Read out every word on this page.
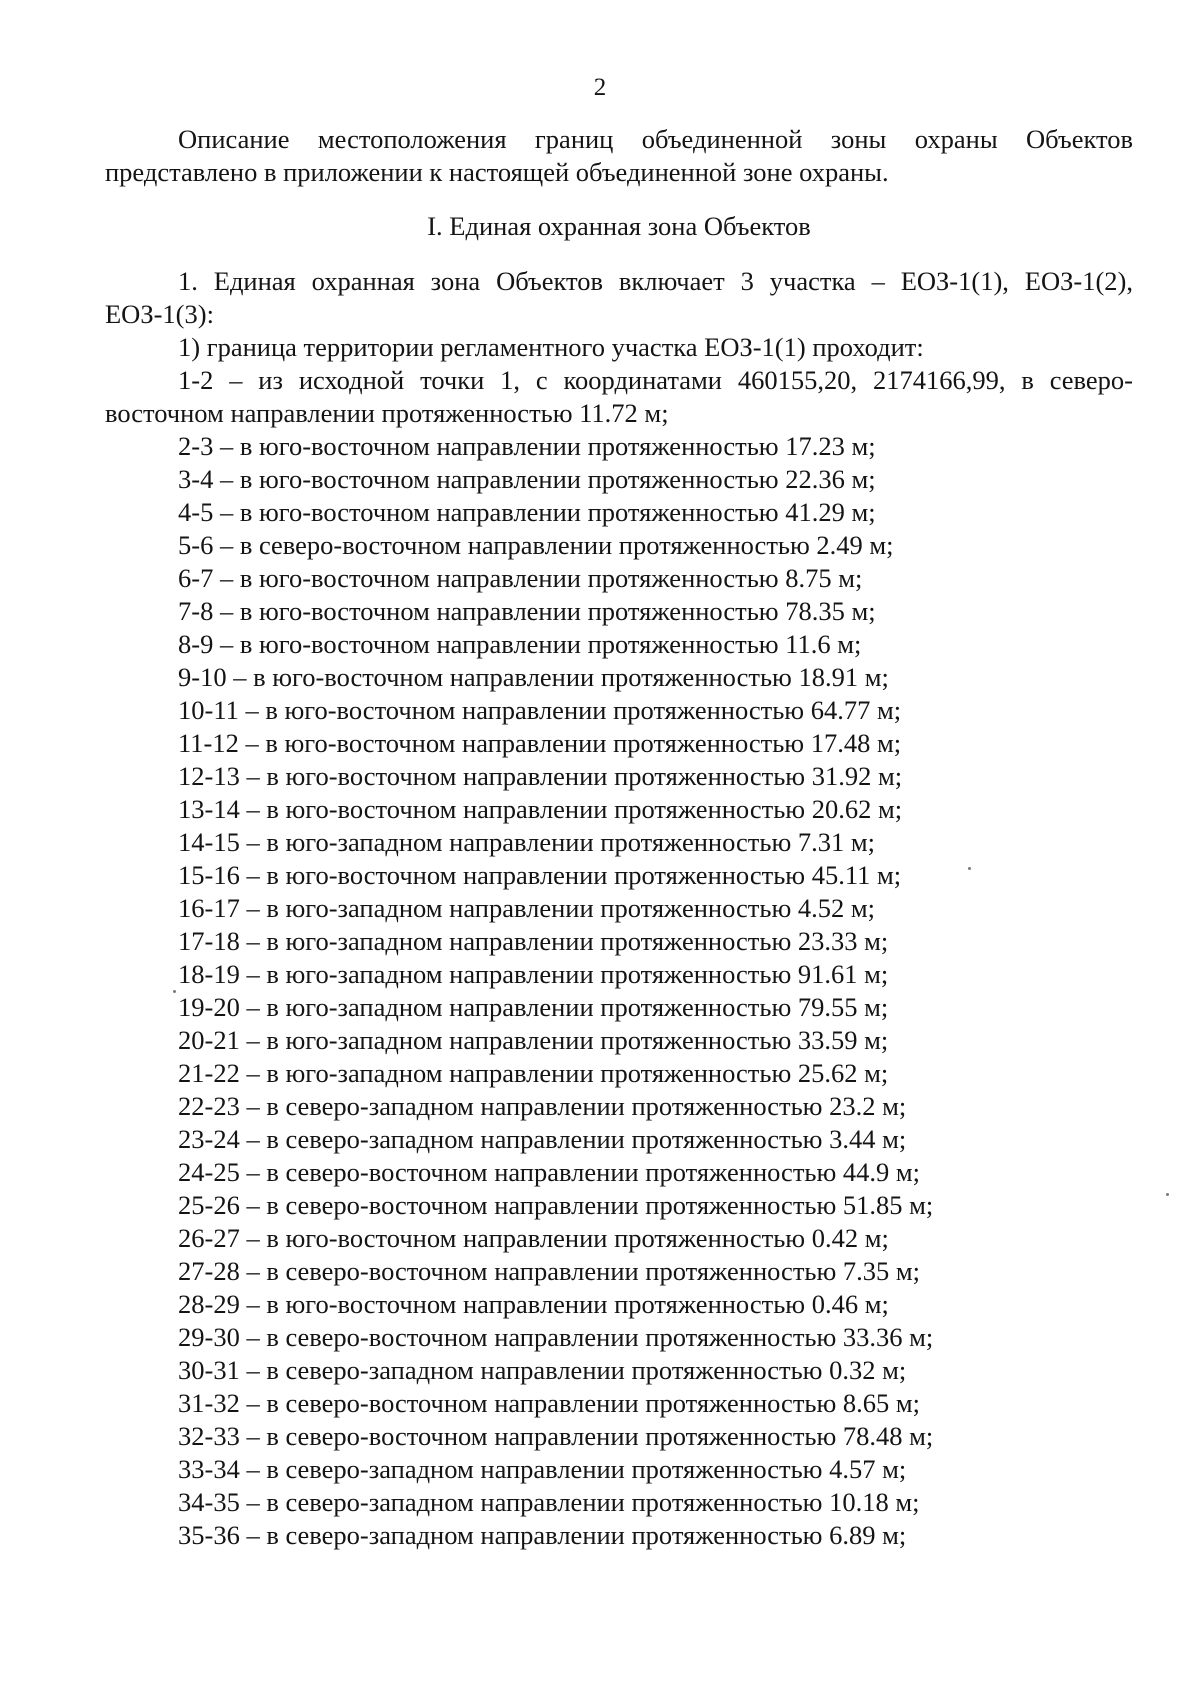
2

Описание местоположения границ объединенной зоны охраны Объектов представлено в приложении к настоящей объединенной зоне охраны.

I. Единая охранная зона Объектов

1. Единая охранная зона Объектов включает 3 участка – ЕОЗ-1(1), ЕОЗ-1(2), ЕОЗ-1(3):

1) граница территории регламентного участка ЕОЗ-1(1) проходит:

1-2 – из исходной точки 1, с координатами 460155,20, 2174166,99, в северо-восточном направлении протяженностью 11.72 м;

2-3 – в юго-восточном направлении протяженностью 17.23 м;

3-4 – в юго-восточном направлении протяженностью 22.36 м;

4-5 – в юго-восточном направлении протяженностью 41.29 м;

5-6 – в северо-восточном направлении протяженностью 2.49 м;

6-7 – в юго-восточном направлении протяженностью 8.75 м;

7-8 – в юго-восточном направлении протяженностью 78.35 м;

8-9 – в юго-восточном направлении протяженностью 11.6 м;

9-10 – в юго-восточном направлении протяженностью 18.91 м;

10-11 – в юго-восточном направлении протяженностью 64.77 м;

11-12 – в юго-восточном направлении протяженностью 17.48 м;

12-13 – в юго-восточном направлении протяженностью 31.92 м;

13-14 – в юго-восточном направлении протяженностью 20.62 м;

14-15 – в юго-западном направлении протяженностью 7.31 м;

15-16 – в юго-восточном направлении протяженностью 45.11 м;

16-17 – в юго-западном направлении протяженностью 4.52 м;

17-18 – в юго-западном направлении протяженностью 23.33 м;

18-19 – в юго-западном направлении протяженностью 91.61 м;

19-20 – в юго-западном направлении протяженностью 79.55 м;

20-21 – в юго-западном направлении протяженностью 33.59 м;

21-22 – в юго-западном направлении протяженностью 25.62 м;

22-23 – в северо-западном направлении протяженностью 23.2 м;

23-24 – в северо-западном направлении протяженностью 3.44 м;

24-25 – в северо-восточном направлении протяженностью 44.9 м;

25-26 – в северо-восточном направлении протяженностью 51.85 м;

26-27 – в юго-восточном направлении протяженностью 0.42 м;

27-28 – в северо-восточном направлении протяженностью 7.35 м;

28-29 – в юго-восточном направлении протяженностью 0.46 м;

29-30 – в северо-восточном направлении протяженностью 33.36 м;

30-31 – в северо-западном направлении протяженностью 0.32 м;

31-32 – в северо-восточном направлении протяженностью 8.65 м;

32-33 – в северо-восточном направлении протяженностью 78.48 м;

33-34 – в северо-западном направлении протяженностью 4.57 м;

34-35 – в северо-западном направлении протяженностью 10.18 м;

35-36 – в северо-западном направлении протяженностью 6.89 м;
